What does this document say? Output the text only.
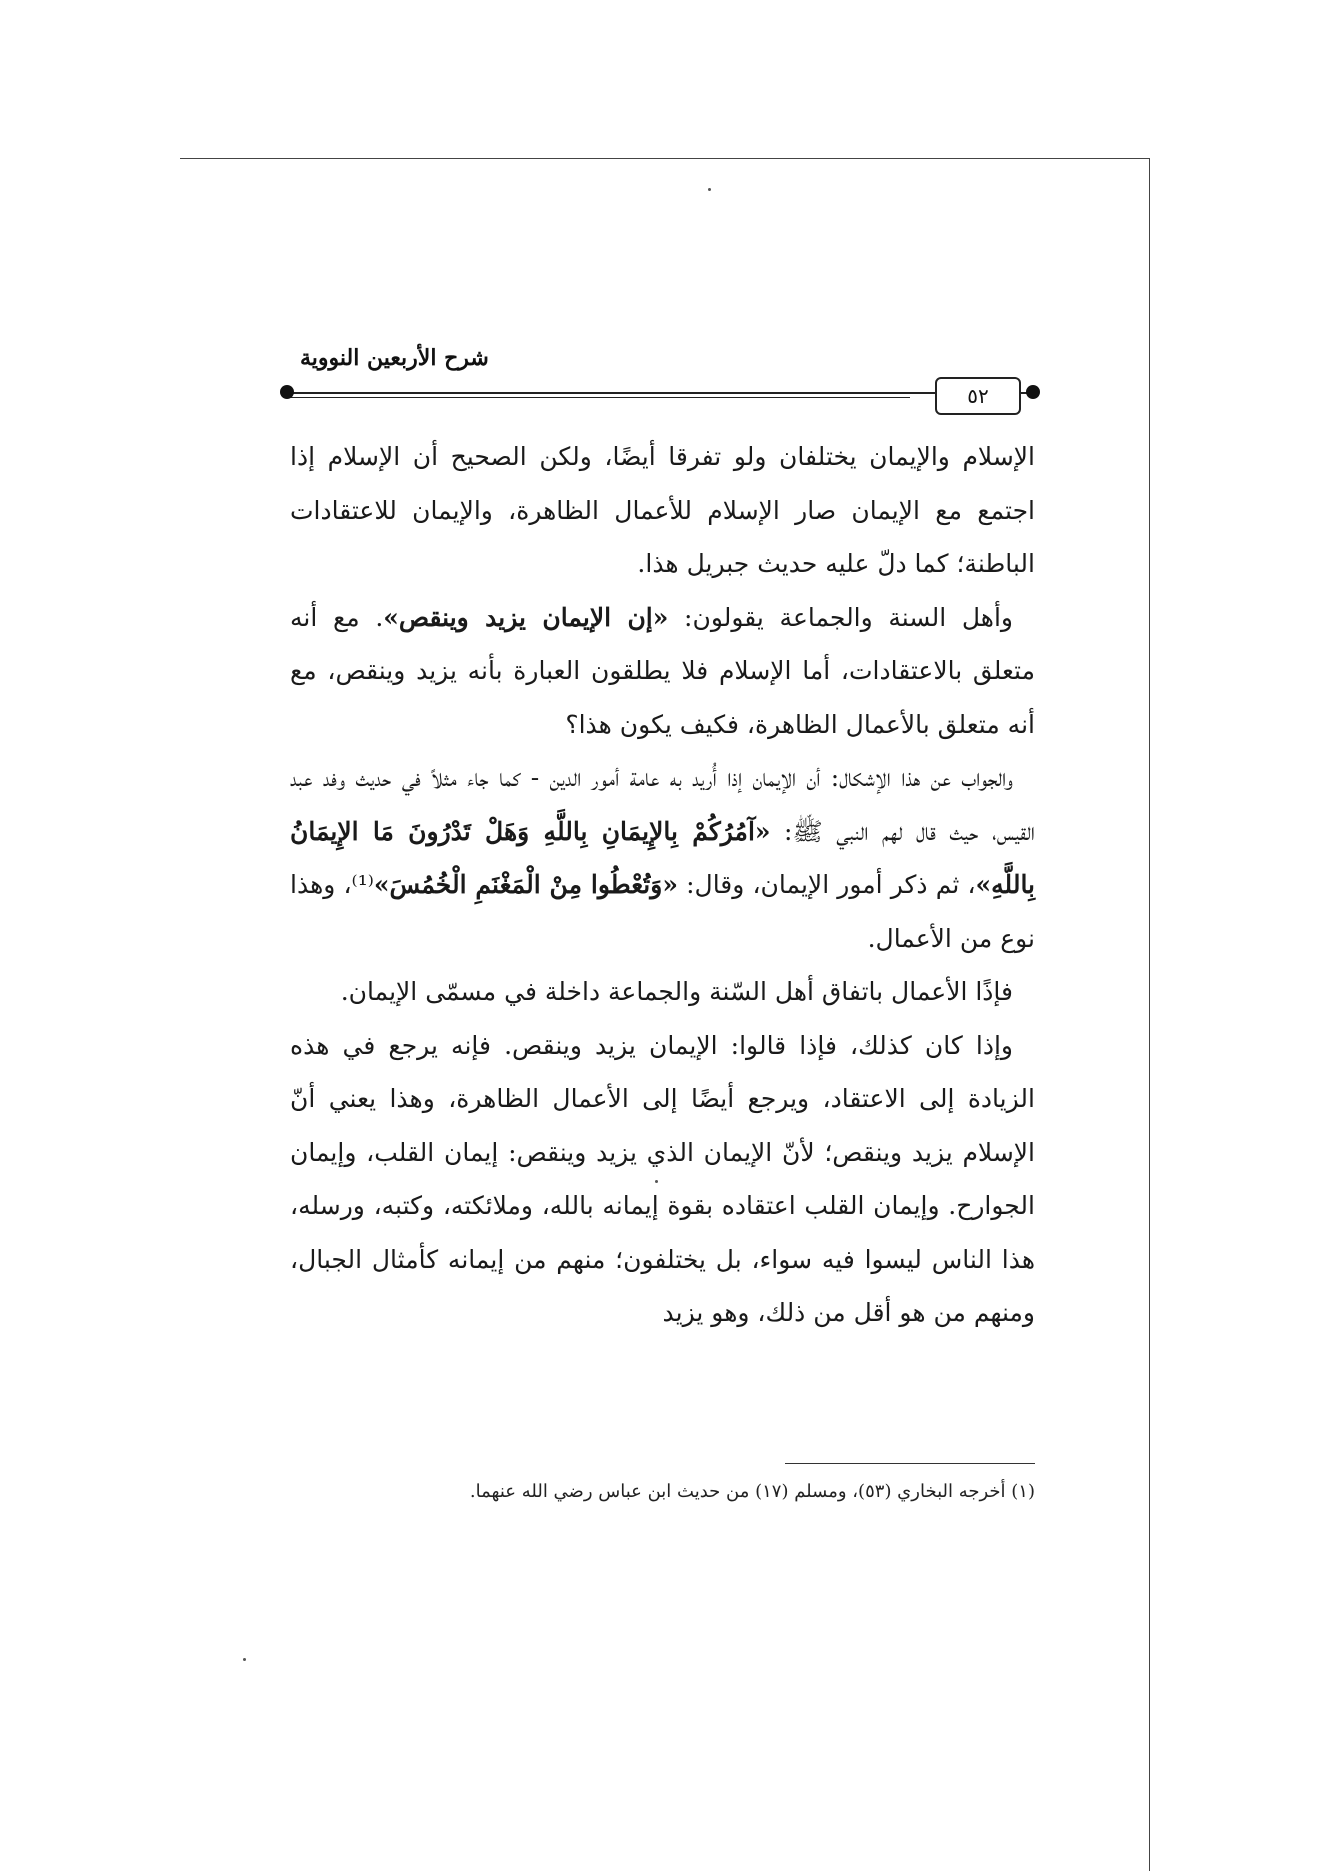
شرح الأربعين النووية
٥٢

الإسلام والإيمان يختلفان ولو تفرقا أيضًا، ولكن الصحيح أن الإسلام إذا اجتمع مع الإيمان صار الإسلام للأعمال الظاهرة، والإيمان للاعتقادات الباطنة؛ كما دلّ عليه حديث جبريل هذا.

وأهل السنة والجماعة يقولون: «إن الإيمان يزيد وينقص». مع أنه متعلق بالاعتقادات، أما الإسلام فلا يطلقون العبارة بأنه يزيد وينقص، مع أنه متعلق بالأعمال الظاهرة، فكيف يكون هذا؟

والجواب عن هذا الإشكال: أن الإيمان إذا أُريد به عامة أمور الدين - كما جاء مثلاً في حديث وفد عبد القيس، حيث قال لهم النبي ﷺ: «آمُرُكُمْ بِالإِيمَانِ بِاللَّهِ وَهَلْ تَدْرُونَ مَا الإِيمَانُ بِاللَّهِ»، ثم ذكر أمور الإيمان، وقال: «وَتُعْطُوا مِنْ الْمَغْنَمِ الْخُمُسَ»⁽¹⁾، وهذا نوع من الأعمال.

فإذًا الأعمال باتفاق أهل السّنة والجماعة داخلة في مسمّى الإيمان.

وإذا كان كذلك، فإذا قالوا: الإيمان يزيد وينقص. فإنه يرجع في هذه الزيادة إلى الاعتقاد، ويرجع أيضًا إلى الأعمال الظاهرة، وهذا يعني أنّ الإسلام يزيد وينقص؛ لأنّ الإيمان الذي يزيد وينقص: إيمان القلب، وإيمان الجوارح. وإيمان القلب اعتقاده بقوة إيمانه بالله، وملائكته، وكتبه، ورسله، هذا الناس ليسوا فيه سواء، بل يختلفون؛ منهم من إيمانه كأمثال الجبال، ومنهم من هو أقل من ذلك، وهو يزيد

(١) أخرجه البخاري (٥٣)، ومسلم (١٧) من حديث ابن عباس رضي الله عنهما.
